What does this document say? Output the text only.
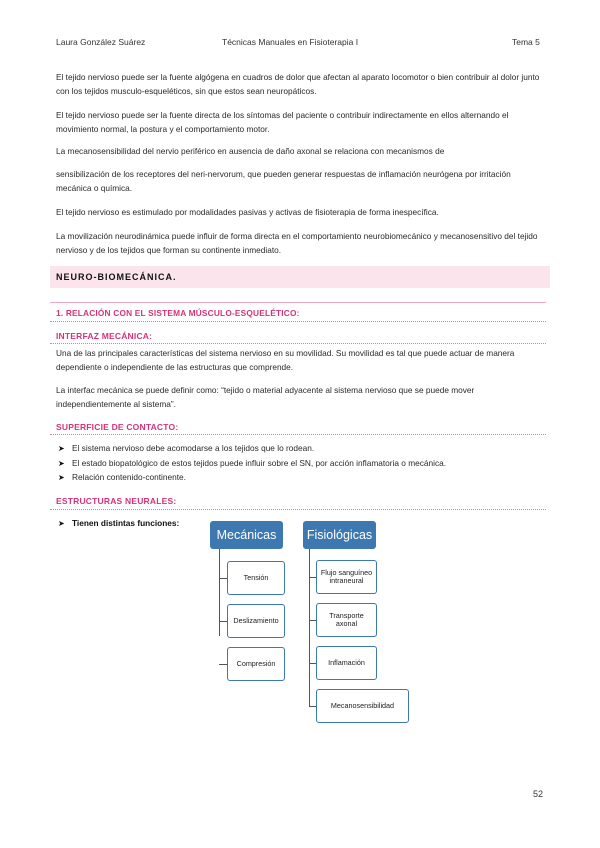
Laura González Suárez	Técnicas Manuales en Fisioterapia I	Tema 5
El tejido nervioso puede ser la fuente algógena en cuadros de dolor que afectan al aparato locomotor o bien contribuir al dolor junto con los tejidos musculo-esqueléticos, sin que estos sean neuropáticos.
El tejido nervioso puede ser la fuente directa de los síntomas del paciente o contribuir indirectamente en ellos alternando el movimiento normal, la postura y el comportamiento motor.
La mecanosensibilidad del nervio periférico en ausencia de daño axonal se relaciona con mecanismos de
sensibilización de los receptores del neri-nervorum, que pueden generar respuestas de inflamación neurógena por irritación mecánica o química.
El tejido nervioso es estimulado por modalidades pasivas y activas de fisioterapia de forma inespecífica.
La movilización neurodinámica puede influir de forma directa en el comportamiento neurobiomecánico y mecanosensitivo del tejido nervioso y de los tejidos que forman su continente inmediato.
NEURO-BIOMECÁNICA.
1. RELACIÓN CON EL SISTEMA MÚSCULO-ESQUELÉTICO:
INTERFAZ MECÁNICA:
Una de las principales características del sistema nervioso en su movilidad. Su movilidad es tal que puede actuar de manera dependiente o independiente de las estructuras que comprende.
La interfac mecánica se puede definir como: “tejido o material adyacente al sistema nervioso que se puede mover independientemente al sistema”.
SUPERFICIE DE CONTACTO:
➤ El sistema nervioso debe acomodarse a los tejidos que lo rodean.
➤ El estado biopatológico de estos tejidos puede influir sobre el SN, por acción inflamatoria o mecánica.
➤ Relación contenido-continente.
ESTRUCTURAS NEURALES:
➤ Tienen distintas funciones:
Mecánicas
Tensión
Deslizamiento
Compresión
Fisiológicas
Flujo sanguíneo intraneural
Transporte axonal
Inflamación
Mecanosensibilidad
52
